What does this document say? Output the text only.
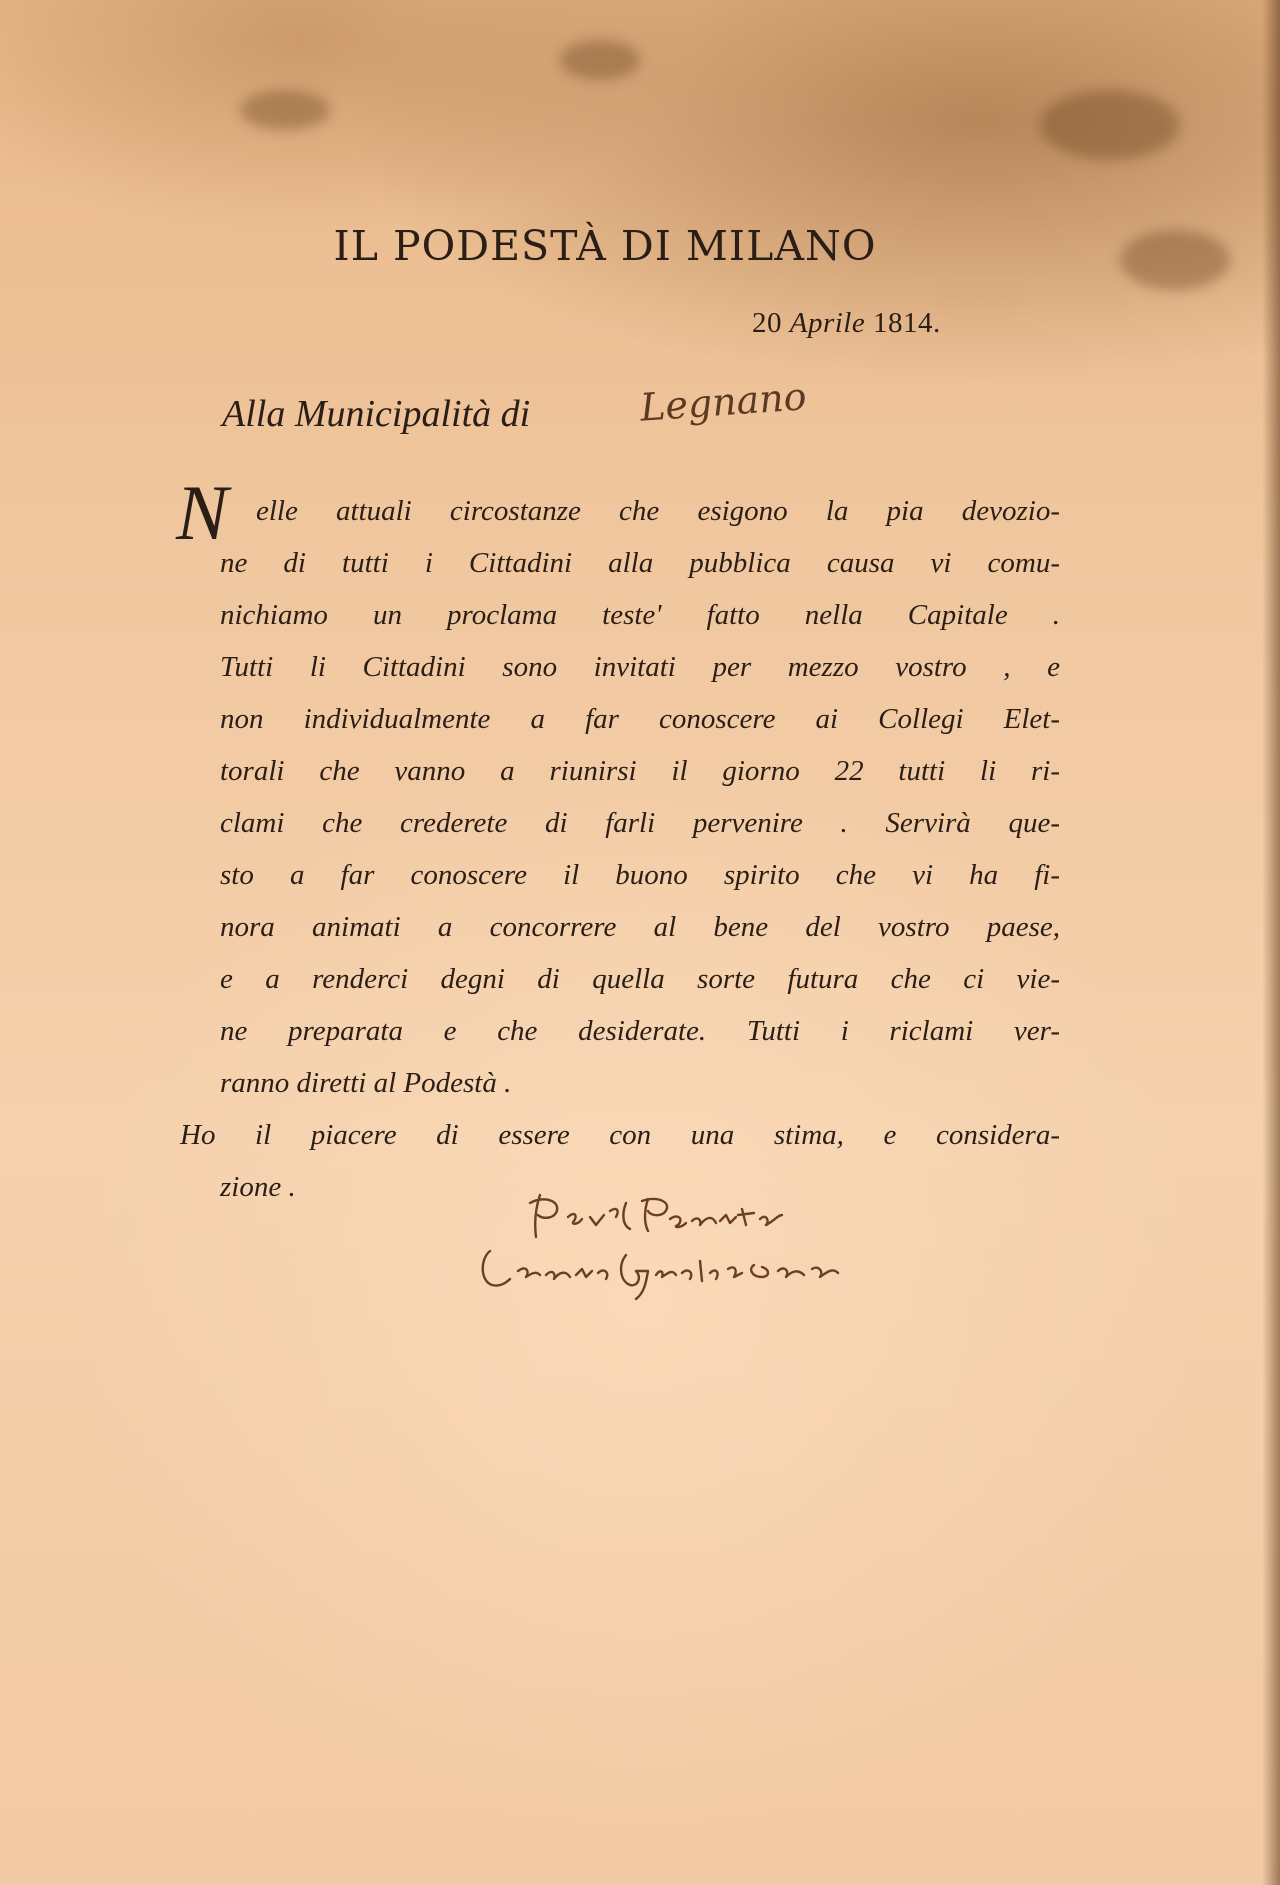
IL PODESTÀ DI MILANO
20 Aprile 1814.
Alla Municipalità di	Legnano
N elle attuali circostanze che esigono la pia devozio-
ne di tutti i Cittadini alla pubblica causa vi comu-
nichiamo un proclama teste' fatto nella Capitale .
Tutti li Cittadini sono invitati per mezzo vostro , e
non individualmente a far conoscere ai Collegi Elet-
torali che vanno a riunirsi il giorno 22 tutti li ri-
clami che crederete di farli pervenire . Servirà que-
sto a far conoscere il buono spirito che vi ha fi-
nora animati a concorrere al bene del vostro paese,
e a renderci degni di quella sorte futura che ci vie-
ne preparata e che desiderate. Tutti i riclami ver-
ranno diretti al Podestà .
Ho il piacere di essere con una stima, e considera-
zione .
